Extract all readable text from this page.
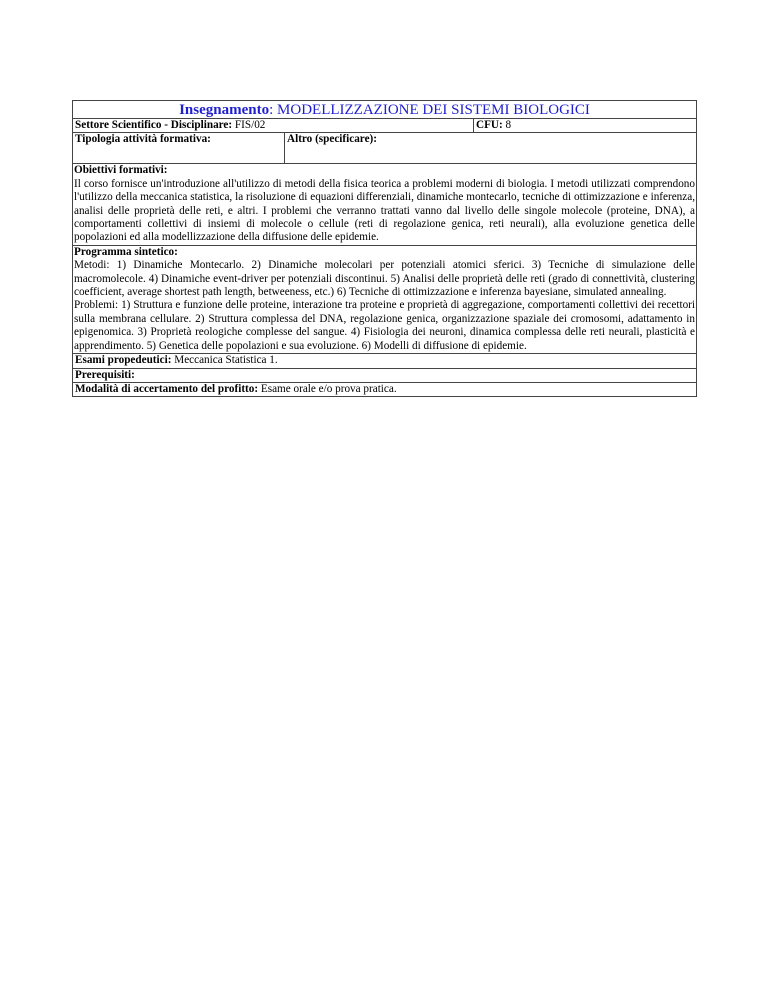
Insegnamento: MODELLIZZAZIONE DEI SISTEMI BIOLOGICI
Settore Scientifico - Disciplinare: FIS/02	CFU: 8
Tipologia attività formativa:	Altro (specificare):
Obiettivi formativi:
Il corso fornisce un'introduzione all'utilizzo di metodi della fisica teorica a problemi moderni di biologia. I metodi utilizzati comprendono l'utilizzo della meccanica statistica, la risoluzione di equazioni differenziali, dinamiche montecarlo, tecniche di ottimizzazione e inferenza, analisi delle proprietà delle reti, e altri. I problemi che verranno trattati vanno dal livello delle singole molecole (proteine, DNA), a comportamenti collettivi di insiemi di molecole o cellule (reti di regolazione genica, reti neurali), alla evoluzione genetica delle popolazioni ed alla modellizzazione della diffusione delle epidemie.
Programma sintetico:
Metodi: 1) Dinamiche Montecarlo. 2) Dinamiche molecolari per potenziali atomici sferici. 3) Tecniche di simulazione delle macromolecole. 4) Dinamiche event-driver per potenziali discontinui. 5) Analisi delle proprietà delle reti (grado di connettività, clustering coefficient, average shortest path length, betweeness, etc.) 6) Tecniche di ottimizzazione e inferenza bayesiane, simulated annealing.
Problemi: 1) Struttura e funzione delle proteine, interazione tra proteine e proprietà di aggregazione, comportamenti collettivi dei recettori sulla membrana cellulare. 2) Struttura complessa del DNA, regolazione genica, organizzazione spaziale dei cromosomi, adattamento in epigenomica. 3) Proprietà reologiche complesse del sangue. 4) Fisiologia dei neuroni, dinamica complessa delle reti neurali, plasticità e apprendimento. 5) Genetica delle popolazioni e sua evoluzione. 6) Modelli di diffusione di epidemie.
Esami propedeutici: Meccanica Statistica 1.
Prerequisiti:
Modalità di accertamento del profitto: Esame orale e/o prova pratica.
